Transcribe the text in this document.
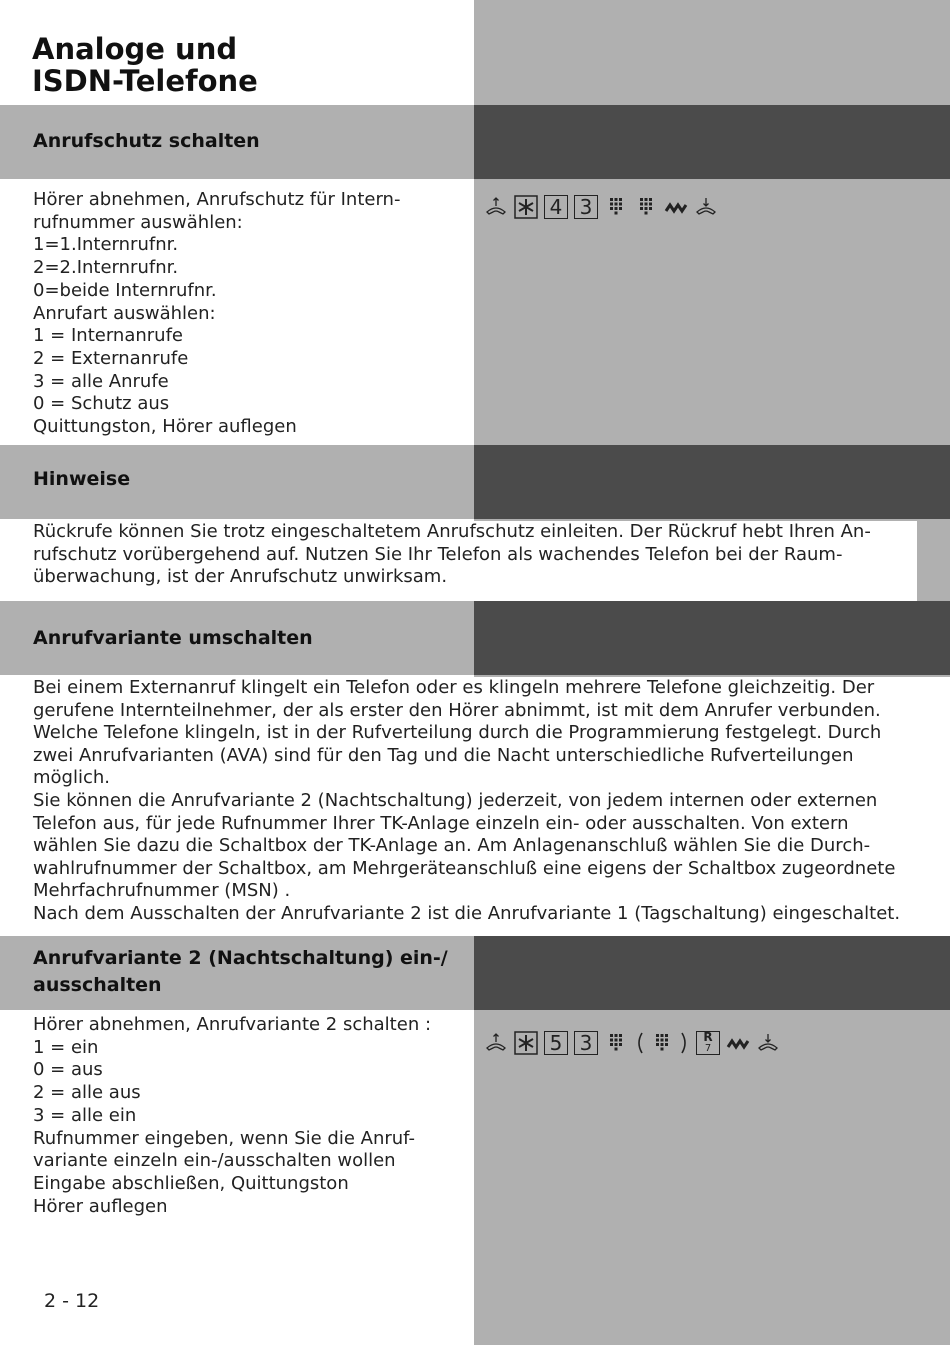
Analoge und
ISDN-Telefone
Anrufschutz schalten
Hörer abnehmen, Anrufschutz für Intern-
rufnummer auswählen:
1=1.Internrufnr.
2=2.Internrufnr.
0=beide Internrufnr.
Anrufart auswählen:
1 = Internanrufe
2 = Externanrufe
3 = alle Anrufe
0 = Schutz aus
Quittungston, Hörer auflegen
4 3
Hinweise
Rückrufe können Sie trotz eingeschaltetem Anrufschutz einleiten. Der Rückruf hebt Ihren An-
rufschutz vorübergehend auf. Nutzen Sie Ihr Telefon als wachendes Telefon bei der Raum-
überwachung, ist der Anrufschutz unwirksam.
Anrufvariante umschalten
Bei einem Externanruf klingelt ein Telefon oder es klingeln mehrere Telefone gleichzeitig. Der
gerufene Internteilnehmer, der als erster den Hörer abnimmt, ist mit dem Anrufer verbunden.
Welche Telefone klingeln, ist in der Rufverteilung durch die Programmierung festgelegt. Durch
zwei Anrufvarianten (AVA) sind für den Tag und die Nacht unterschiedliche Rufverteilungen
möglich.
Sie können die Anrufvariante 2 (Nachtschaltung) jederzeit, von jedem internen oder externen
Telefon aus, für jede Rufnummer Ihrer TK-Anlage einzeln ein- oder ausschalten. Von extern
wählen Sie dazu die Schaltbox der TK-Anlage an. Am Anlagenanschluß wählen Sie die Durch-
wahlrufnummer der Schaltbox, am Mehrgeräteanschluß eine eigens der Schaltbox zugeordnete
Mehrfachrufnummer (MSN) .
Nach dem Ausschalten der Anrufvariante 2 ist die Anrufvariante 1 (Tagschaltung) eingeschaltet.
Anrufvariante 2 (Nachtschaltung) ein-/
ausschalten
Hörer abnehmen, Anrufvariante 2 schalten :
1 = ein
0 = aus
2 = alle aus
3 = alle ein
Rufnummer eingeben, wenn Sie die Anruf-
variante einzeln ein-/ausschalten wollen
Eingabe abschließen, Quittungston
Hörer auflegen
5 3	R
7
2 - 12
